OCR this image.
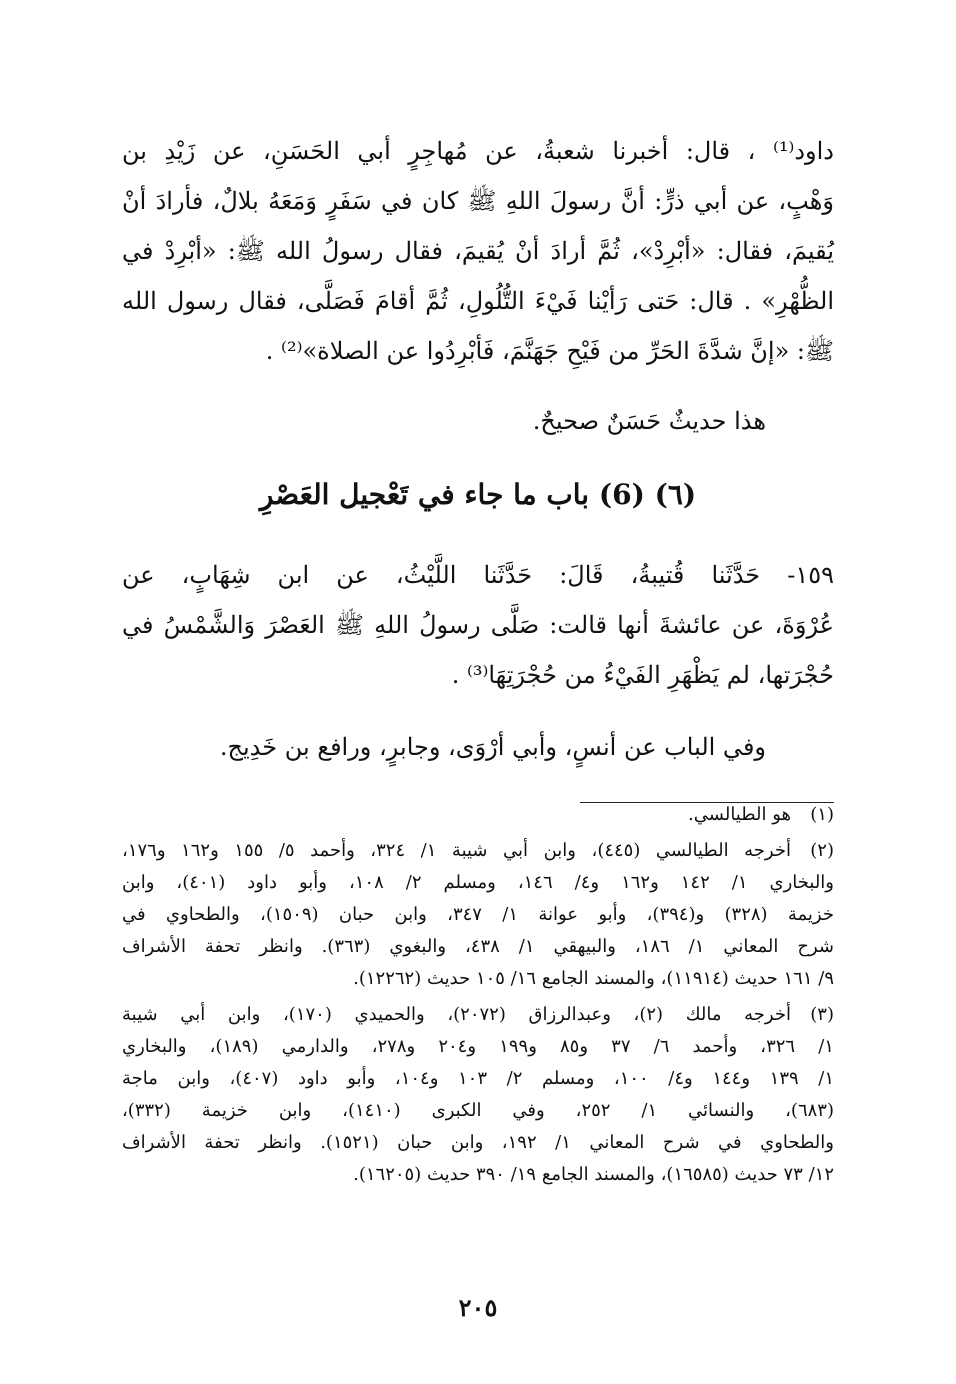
داود⁽¹⁾ ، قال: أخبرنا شعبةُ، عن مُهاجِرٍ أبي الحَسَنِ، عن زَيْدِ بن
وَهْبٍ، عن أبي ذرٍّ: أنَّ رسولَ اللهِ ﷺ كان في سَفَرٍ وَمَعَهُ بلالٌ، فأرادَ أنْ
يُقيمَ، فقال: «أبْرِدْ»، ثُمَّ أرادَ أنْ يُقيمَ، فقال رسولُ الله ﷺ: «أبْرِدْ في
الظُّهْرِ» . قال: حَتى رَأيْنا فَيْءَ التُّلُولِ، ثُمَّ أقامَ فَصَلَّى، فقال رسول الله
ﷺ: «إنَّ شدَّةَ الحَرِّ من فَيْحِ جَهَنَّمَ، فَأبْرِدُوا عن الصلاة»⁽²⁾ .
هذا حديثٌ حَسَنٌ صحيحٌ.
(٦) (6) باب ما جاء في تَعْجيل العَصْرِ
١٥٩- حَدَّثَنا قُتيبةُ، قَالَ: حَدَّثَنا اللَّيْثُ، عن ابن شِهَابٍ، عن
عُرْوَةَ، عن عائشةَ أنها قالت: صَلَّى رسولُ اللهِ ﷺ العَصْرَ وَالشَّمْسُ في
حُجْرَتها، لم يَظْهَرِ الفَيْءُ من حُجْرَتِهَا⁽³⁾ .
وفي الباب عن أنسٍ، وأبي أرْوَى، وجابرٍ، ورافع بن خَدِيج.
(١)
هو الطيالسي.
(٢)
أخرجه الطيالسي (٤٤٥)، وابن أبي شيبة ١/ ٣٢٤، وأحمد ٥/ ١٥٥ و١٦٢ و١٧٦،
والبخاري ١/ ١٤٢ و١٦٢ و٤/ ١٤٦، ومسلم ٢/ ١٠٨، وأبو داود (٤٠١)، وابن
خزيمة (٣٢٨) و(٣٩٤)، وأبو عوانة ١/ ٣٤٧، وابن حبان (١٥٠٩)، والطحاوي في
شرح المعاني ١/ ١٨٦، والبيهقي ١/ ٤٣٨، والبغوي (٣٦٣). وانظر تحفة الأشراف
٩/ ١٦١ حديث (١١٩١٤)، والمسند الجامع ١٦/ ١٠٥ حديث (١٢٢٦٢).
(٣)
أخرجه مالك (٢)، وعبدالرزاق (٢٠٧٢)، والحميدي (١٧٠)، وابن أبي شيبة
١/ ٣٢٦، وأحمد ٦/ ٣٧ و٨٥ و١٩٩ و٢٠٤ و٢٧٨، والدارمي (١٨٩)، والبخاري
١/ ١٣٩ و١٤٤ و٤/ ١٠٠، ومسلم ٢/ ١٠٣ و١٠٤، وأبو داود (٤٠٧)، وابن ماجة
(٦٨٣)، والنسائي ١/ ٢٥٢، وفي الكبرى (١٤١٠)، وابن خزيمة (٣٣٢)،
والطحاوي في شرح المعاني ١/ ١٩٢، وابن حبان (١٥٢١). وانظر تحفة الأشراف
١٢/ ٧٣ حديث (١٦٥٨٥)، والمسند الجامع ١٩/ ٣٩٠ حديث (١٦٢٠٥).
٢٠٥
